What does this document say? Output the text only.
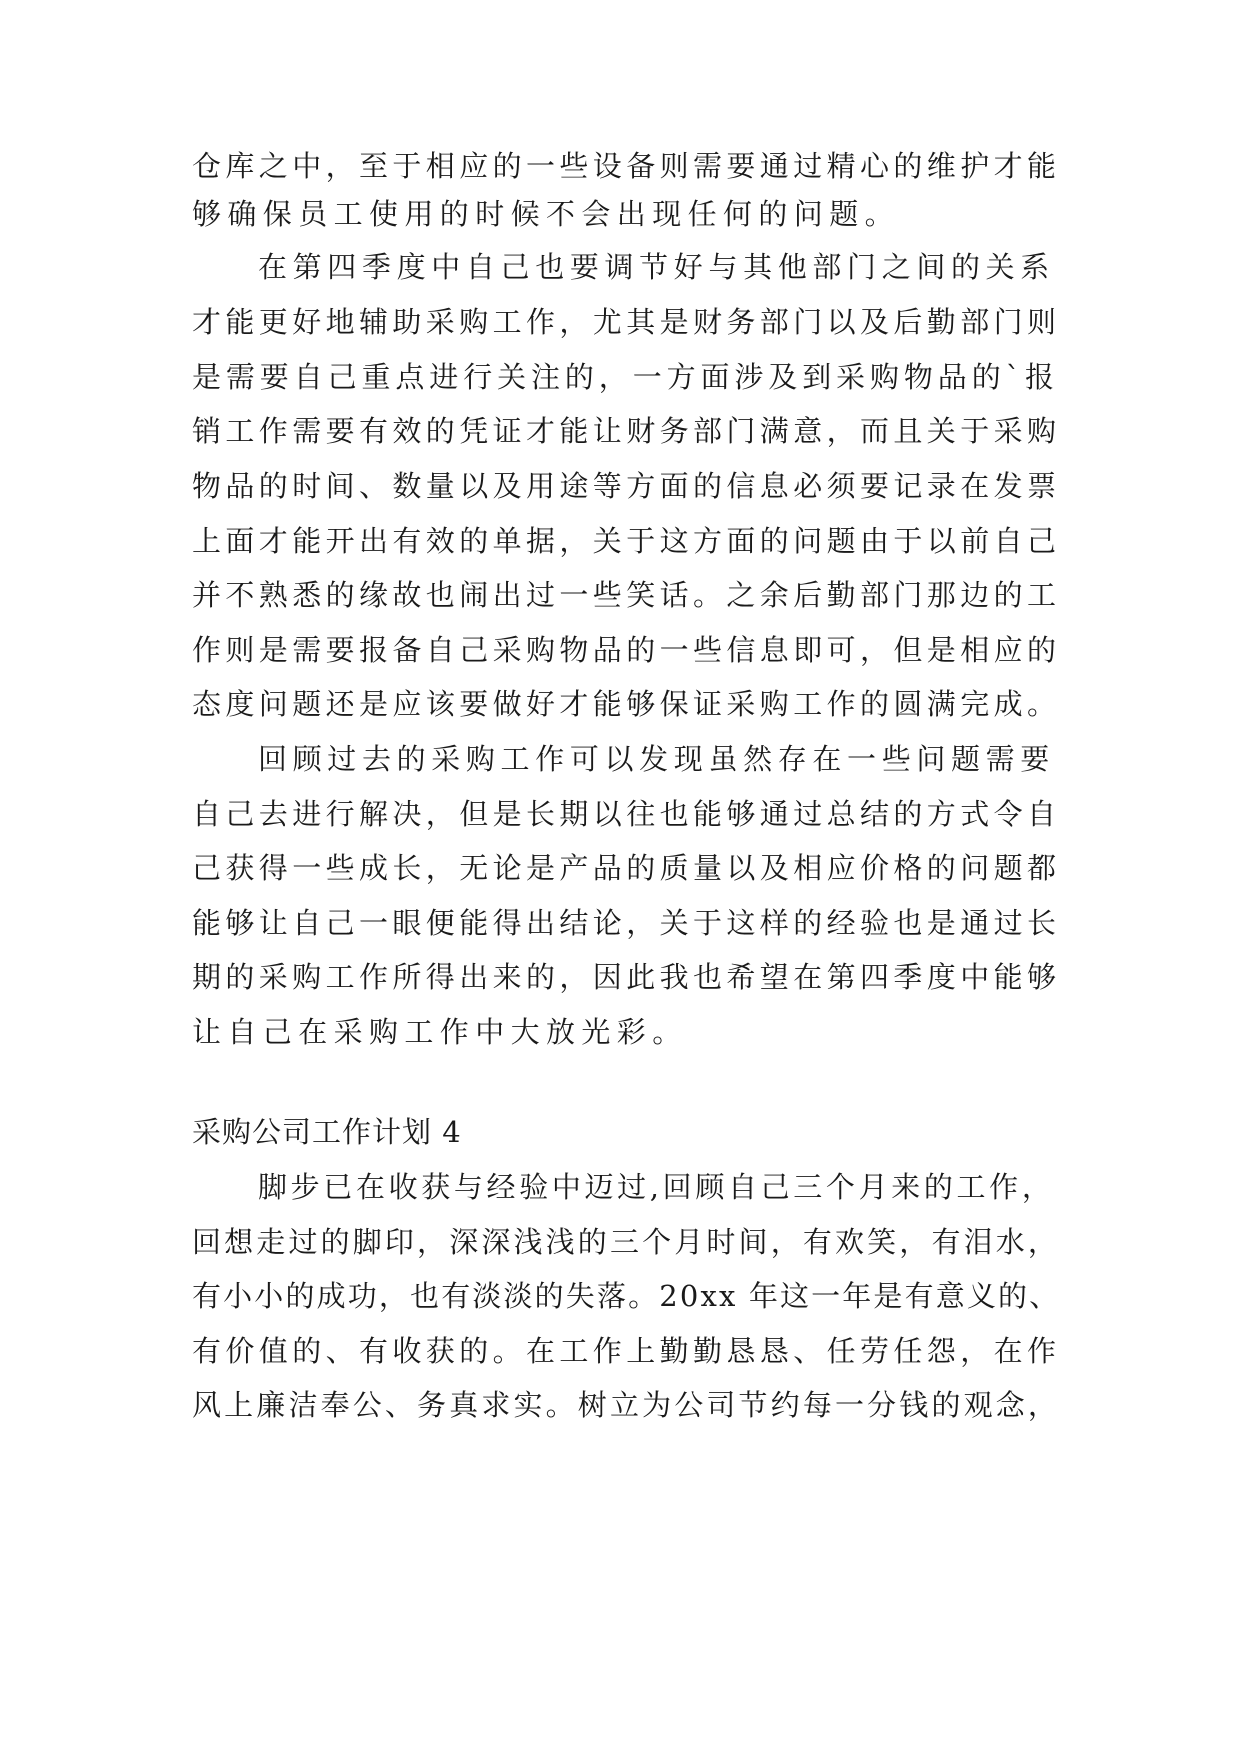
仓库之中，至于相应的一些设备则需要通过精心的维护才能

够确保员工使用的时候不会出现任何的问题。

在第四季度中自己也要调节好与其他部门之间的关系

才能更好地辅助采购工作，尤其是财务部门以及后勤部门则

是需要自己重点进行关注的，一方面涉及到采购物品的`报

销工作需要有效的凭证才能让财务部门满意，而且关于采购

物品的时间、数量以及用途等方面的信息必须要记录在发票

上面才能开出有效的单据，关于这方面的问题由于以前自己

并不熟悉的缘故也闹出过一些笑话。之余后勤部门那边的工

作则是需要报备自己采购物品的一些信息即可，但是相应的

态度问题还是应该要做好才能够保证采购工作的圆满完成。

回顾过去的采购工作可以发现虽然存在一些问题需要

自己去进行解决，但是长期以往也能够通过总结的方式令自

己获得一些成长，无论是产品的质量以及相应价格的问题都

能够让自己一眼便能得出结论，关于这样的经验也是通过长

期的采购工作所得出来的，因此我也希望在第四季度中能够

让自己在采购工作中大放光彩。

采购公司工作计划 4

脚步已在收获与经验中迈过,回顾自己三个月来的工作，

回想走过的脚印，深深浅浅的三个月时间，有欢笑，有泪水，

有小小的成功，也有淡淡的失落。20xx 年这一年是有意义的、

有价值的、有收获的。在工作上勤勤恳恳、任劳任怨，在作

风上廉洁奉公、务真求实。树立为公司节约每一分钱的观念，
